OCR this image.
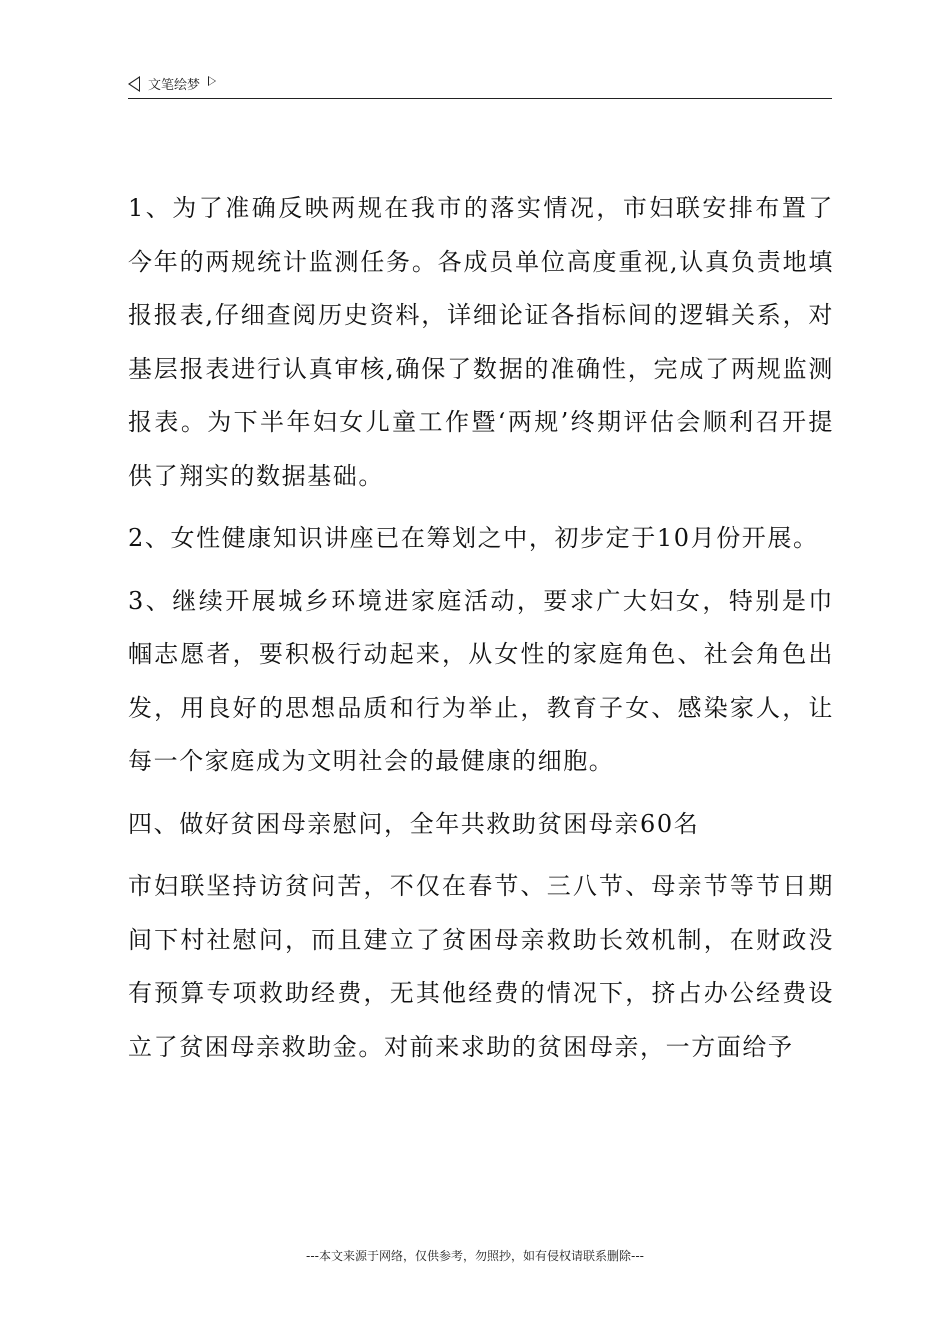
文笔绘梦

1、为了准确反映两规在我市的落实情况，市妇联安排布置了今年的两规统计监测任务。各成员单位高度重视,认真负责地填报报表,仔细查阅历史资料，详细论证各指标间的逻辑关系，对基层报表进行认真审核,确保了数据的准确性，完成了两规监测报表。为下半年妇女儿童工作暨‘两规’终期评估会顺利召开提供了翔实的数据基础。

2、女性健康知识讲座已在筹划之中，初步定于10月份开展。

3、继续开展城乡环境进家庭活动，要求广大妇女，特别是巾帼志愿者，要积极行动起来，从女性的家庭角色、社会角色出发，用良好的思想品质和行为举止，教育子女、感染家人，让每一个家庭成为文明社会的最健康的细胞。

四、做好贫困母亲慰问，全年共救助贫困母亲60名

市妇联坚持访贫问苦，不仅在春节、三八节、母亲节等节日期间下村社慰问，而且建立了贫困母亲救助长效机制，在财政没有预算专项救助经费，无其他经费的情况下，挤占办公经费设立了贫困母亲救助金。对前来求助的贫困母亲，一方面给予

---本文来源于网络，仅供参考，勿照抄，如有侵权请联系删除---
